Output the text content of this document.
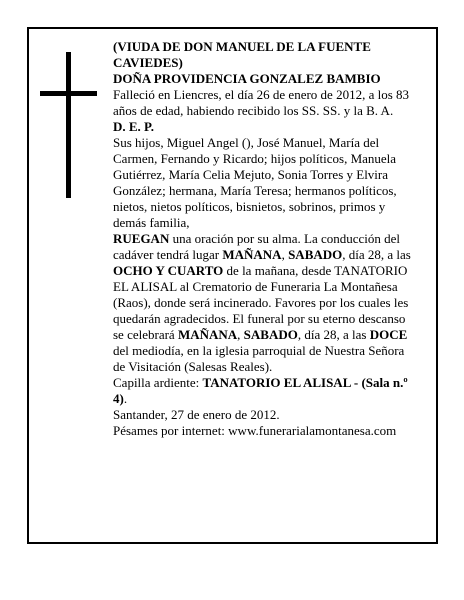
(VIUDA DE DON MANUEL DE LA FUENTE CAVIEDES)

DOÑA PROVIDENCIA GONZALEZ BAMBIO

Falleció en Liencres, el día 26 de enero de 2012, a los 83 años de edad, habiendo recibido los SS. SS. y la B. A.

D. E. P.

Sus hijos, Miguel Angel (), José Manuel, María del Carmen, Fernando y Ricardo; hijos políticos, Manuela Gutiérrez, María Celia Mejuto, Sonia Torres y Elvira González; hermana, María Teresa; hermanos políticos, nietos, nietos políticos, bisnietos, sobrinos, primos y demás familia,

RUEGAN una oración por su alma. La conducción del cadáver tendrá lugar MAÑANA, SABADO, día 28, a las OCHO Y CUARTO de la mañana, desde TANATORIO EL ALISAL al Crematorio de Funeraria La Montañesa (Raos), donde será incinerado. Favores por los cuales les quedarán agradecidos. El funeral por su eterno descanso se celebrará MAÑANA, SABADO, día 28, a las DOCE del mediodía, en la iglesia parroquial de Nuestra Señora de Visitación (Salesas Reales).

Capilla ardiente: TANATORIO EL ALISAL - (Sala n.º 4).

Santander, 27 de enero de 2012.

Pésames por internet: www.funerarialamontanesa.com
